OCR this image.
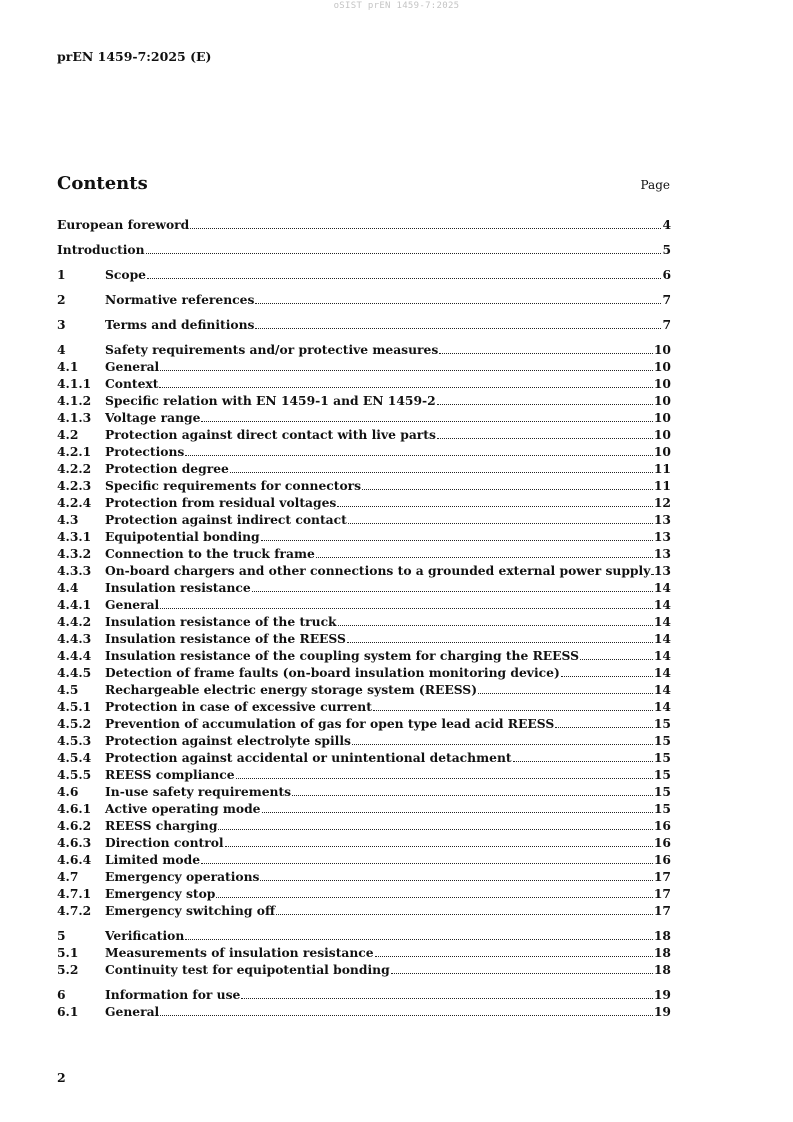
oSIST prEN 1459-7:2025
prEN 1459-7:2025 (E)
Contents	Page
European foreword	4
Introduction	5
1	Scope	6
2	Normative references	7
3	Terms and definitions	7
4	Safety requirements and/or protective measures	10
4.1	General	10
4.1.1	Context	10
4.1.2	Specific relation with EN 1459-1 and EN 1459-2	10
4.1.3	Voltage range	10
4.2	Protection against direct contact with live parts	10
4.2.1	Protections	10
4.2.2	Protection degree	11
4.2.3	Specific requirements for connectors	11
4.2.4	Protection from residual voltages	12
4.3	Protection against indirect contact	13
4.3.1	Equipotential bonding	13
4.3.2	Connection to the truck frame	13
4.3.3	On-board chargers and other connections to a grounded external power supply 13
4.4	Insulation resistance	14
4.4.1	General	14
4.4.2	Insulation resistance of the truck	14
4.4.3	Insulation resistance of the REESS	14
4.4.4	Insulation resistance of the coupling system for charging the REESS	14
4.4.5	Detection of frame faults (on-board insulation monitoring device)	14
4.5	Rechargeable electric energy storage system (REESS)	14
4.5.1	Protection in case of excessive current	14
4.5.2	Prevention of accumulation of gas for open type lead acid REESS	15
4.5.3	Protection against electrolyte spills	15
4.5.4	Protection against accidental or unintentional detachment	15
4.5.5	REESS compliance	15
4.6	In-use safety requirements	15
4.6.1	Active operating mode	15
4.6.2	REESS charging	16
4.6.3	Direction control	16
4.6.4	Limited mode	16
4.7	Emergency operations	17
4.7.1	Emergency stop	17
4.7.2	Emergency switching off	17
5	Verification	18
5.1	Measurements of insulation resistance	18
5.2	Continuity test for equipotential bonding	18
6	Information for use	19
6.1	General	19
2
